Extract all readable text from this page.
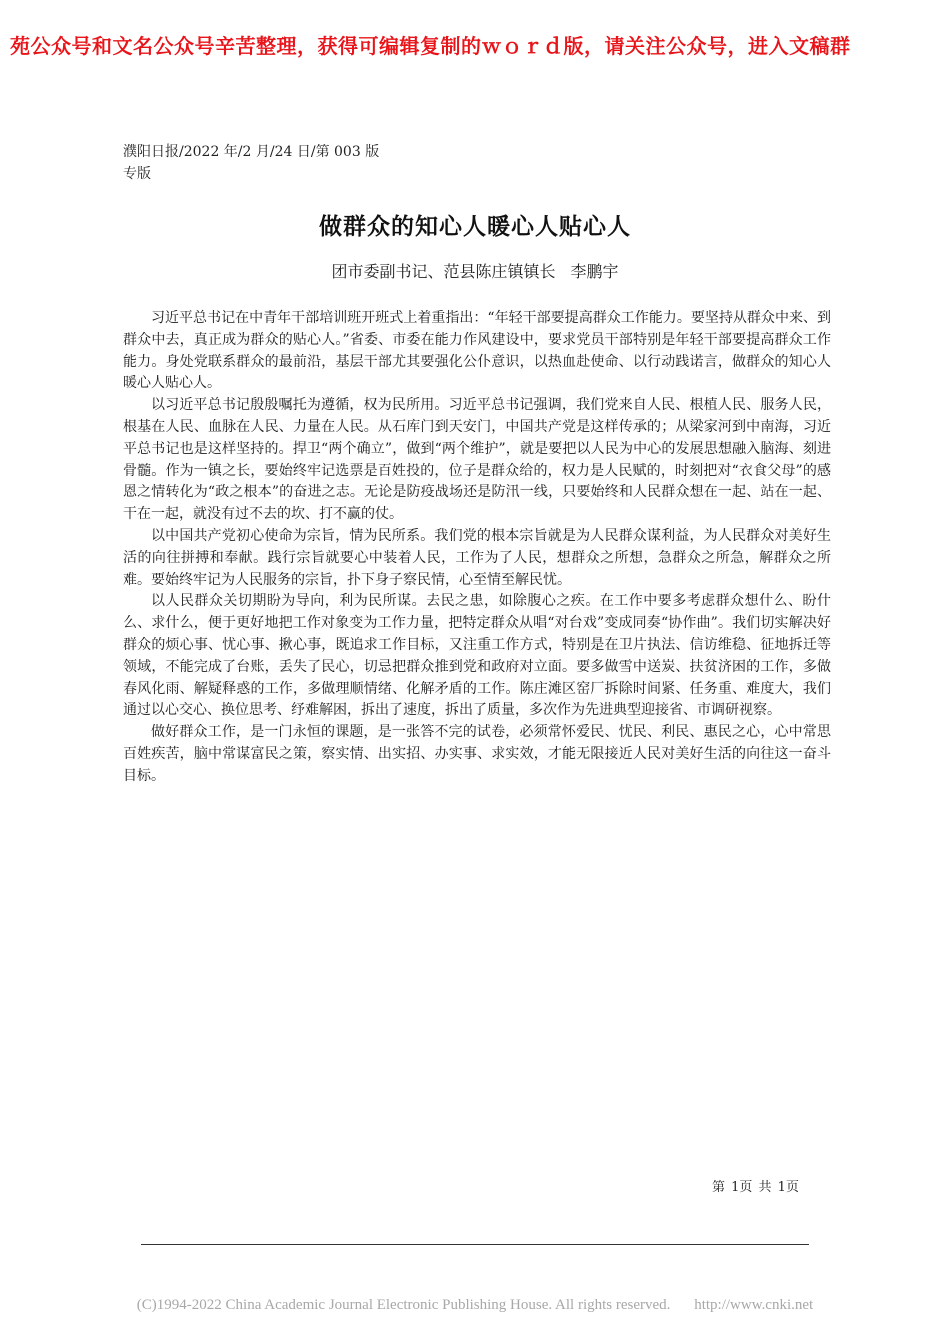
苑公众号和文名公众号辛苦整理，获得可编辑复制的ｗｏｒｄ版，请关注公众号，进入文稿群
濮阳日报/2022 年/2 月/24 日/第 003 版专版
做群众的知心人暖心人贴心人
团市委副书记、范县陈庄镇镇长 李鹏宇

习近平总书记在中青年干部培训班开班式上着重指出：“年轻干部要提高群众工作能力。要坚持从群众中来、到群众中去，真正成为群众的贴心人。”省委、市委在能力作风建设中，要求党员干部特别是年轻干部要提高群众工作能力。身处党联系群众的最前沿，基层干部尤其要强化公仆意识，以热血赴使命、以行动践诺言，做群众的知心人暖心人贴心人。

以习近平总书记殷殷嘱托为遵循，权为民所用。习近平总书记强调，我们党来自人民、根植人民、服务人民，根基在人民、血脉在人民、力量在人民。从石库门到天安门，中国共产党是这样传承的；从梁家河到中南海，习近平总书记也是这样坚持的。捍卫“两个确立”，做到“两个维护”，就是要把以人民为中心的发展思想融入脑海、刻进骨髓。作为一镇之长，要始终牢记选票是百姓投的，位子是群众给的，权力是人民赋的，时刻把对“衣食父母”的感恩之情转化为“政之根本”的奋进之志。无论是防疫战场还是防汛一线，只要始终和人民群众想在一起、站在一起、干在一起，就没有过不去的坎、打不赢的仗。

以中国共产党初心使命为宗旨，情为民所系。我们党的根本宗旨就是为人民群众谋利益，为人民群众对美好生活的向往拼搏和奉献。践行宗旨就要心中装着人民，工作为了人民，想群众之所想，急群众之所急，解群众之所难。要始终牢记为人民服务的宗旨，扑下身子察民情，心至情至解民忧。

以人民群众关切期盼为导向，利为民所谋。去民之患，如除腹心之疾。在工作中要多考虑群众想什么、盼什么、求什么，便于更好地把工作对象变为工作力量，把特定群众从唱“对台戏”变成同奏“协作曲”。我们切实解决好群众的烦心事、忧心事、揪心事，既追求工作目标，又注重工作方式，特别是在卫片执法、信访维稳、征地拆迁等领域，不能完成了台账，丢失了民心，切忌把群众推到党和政府对立面。要多做雪中送炭、扶贫济困的工作，多做春风化雨、解疑释惑的工作，多做理顺情绪、化解矛盾的工作。陈庄滩区窑厂拆除时间紧、任务重、难度大，我们通过以心交心、换位思考、纾难解困，拆出了速度，拆出了质量，多次作为先进典型迎接省、市调研视察。

做好群众工作，是一门永恒的课题，是一张答不完的试卷，必须常怀爱民、忧民、利民、惠民之心，心中常思百姓疾苦，脑中常谋富民之策，察实情、出实招、办实事、求实效，才能无限接近人民对美好生活的向往这一奋斗目标。

第 1页 共 1页
(C)1994-2022 China Academic Journal Electronic Publishing House. All rights reserved. http://www.cnki.net
